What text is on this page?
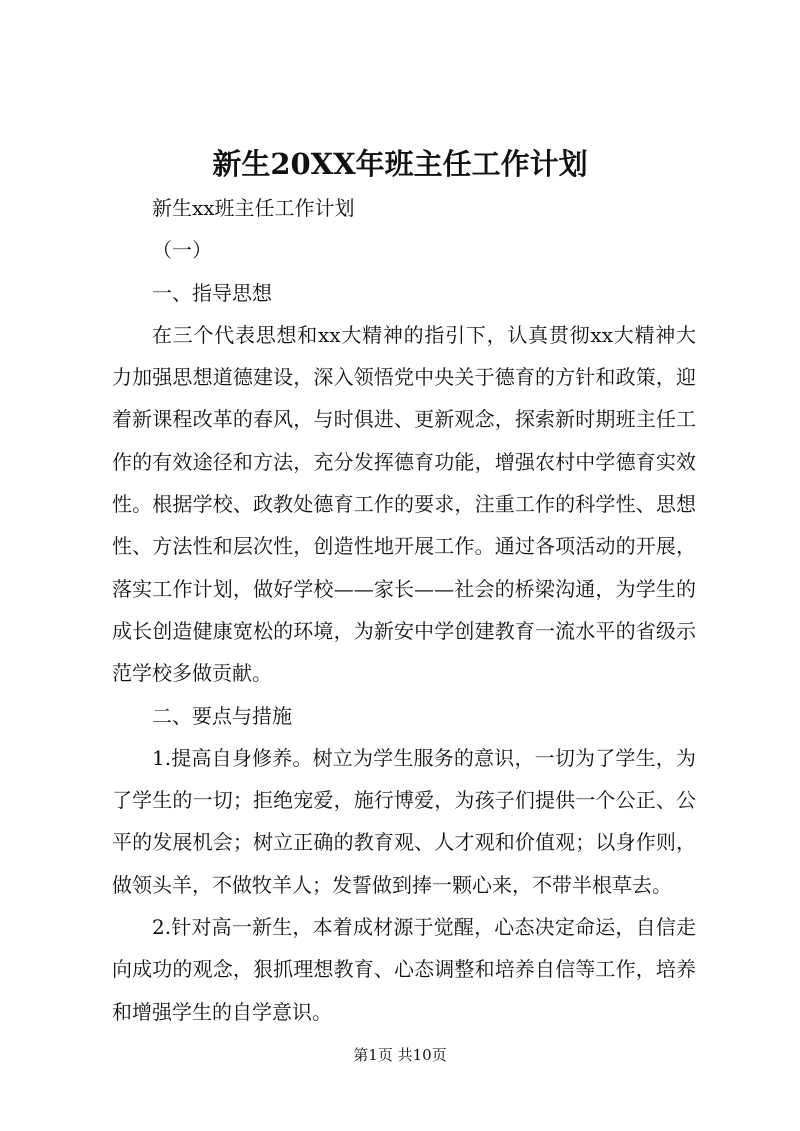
新生20XX年班主任工作计划

新生xx班主任工作计划

（一）

一、指导思想

在三个代表思想和xx大精神的指引下，认真贯彻xx大精神大力加强思想道德建设，深入领悟党中央关于德育的方针和政策，迎着新课程改革的春风，与时俱进、更新观念，探索新时期班主任工作的有效途径和方法，充分发挥德育功能，增强农村中学德育实效性。根据学校、政教处德育工作的要求，注重工作的科学性、思想性、方法性和层次性，创造性地开展工作。通过各项活动的开展，落实工作计划，做好学校——家长——社会的桥梁沟通，为学生的成长创造健康宽松的环境，为新安中学创建教育一流水平的省级示范学校多做贡献。

二、要点与措施

1.提高自身修养。树立为学生服务的意识，一切为了学生，为了学生的一切；拒绝宠爱，施行博爱，为孩子们提供一个公正、公平的发展机会；树立正确的教育观、人才观和价值观；以身作则，做领头羊，不做牧羊人；发誓做到捧一颗心来，不带半根草去。

2.针对高一新生，本着成材源于觉醒，心态决定命运，自信走向成功的观念，狠抓理想教育、心态调整和培养自信等工作，培养和增强学生的自学意识。

第1页 共10页
